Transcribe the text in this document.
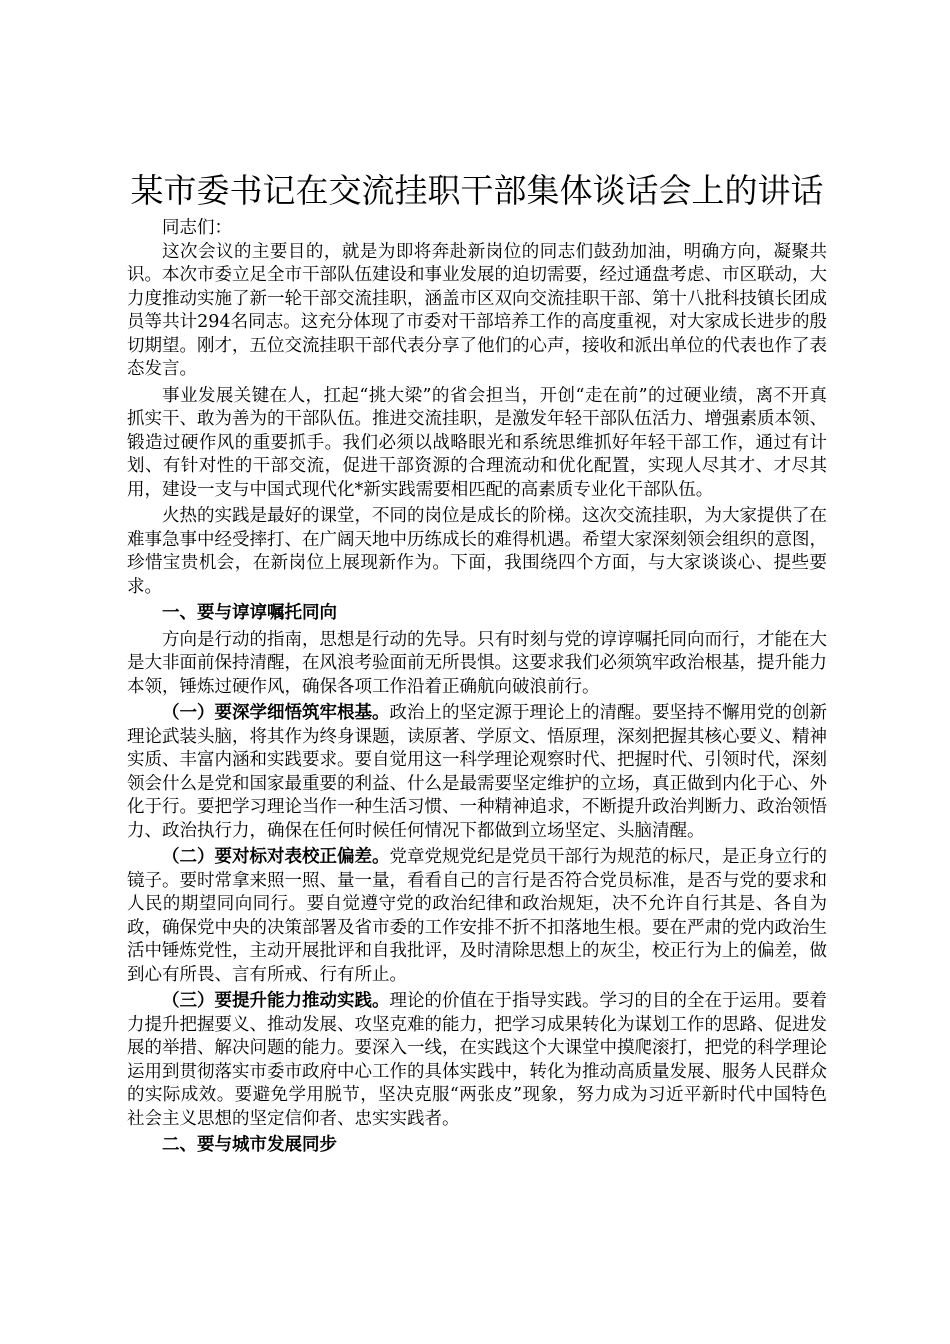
某市委书记在交流挂职干部集体谈话会上的讲话
同志们：

这次会议的主要目的，就是为即将奔赴新岗位的同志们鼓劲加油，明确方向，凝聚共识。本次市委立足全市干部队伍建设和事业发展的迫切需要，经过通盘考虑、市区联动，大力度推动实施了新一轮干部交流挂职，涵盖市区双向交流挂职干部、第十八批科技镇长团成员等共计294名同志。这充分体现了市委对干部培养工作的高度重视，对大家成长进步的殷切期望。刚才，五位交流挂职干部代表分享了他们的心声，接收和派出单位的代表也作了表态发言。

事业发展关键在人，扛起“挑大梁”的省会担当，开创“走在前”的过硬业绩，离不开真抓实干、敢为善为的干部队伍。推进交流挂职，是激发年轻干部队伍活力、增强素质本领、锻造过硬作风的重要抓手。我们必须以战略眼光和系统思维抓好年轻干部工作，通过有计划、有针对性的干部交流，促进干部资源的合理流动和优化配置，实现人尽其才、才尽其用，建设一支与中国式现代化*新实践需要相匹配的高素质专业化干部队伍。

火热的实践是最好的课堂，不同的岗位是成长的阶梯。这次交流挂职，为大家提供了在难事急事中经受摔打、在广阔天地中历练成长的难得机遇。希望大家深刻领会组织的意图，珍惜宝贵机会，在新岗位上展现新作为。下面，我围绕四个方面，与大家谈谈心、提些要求。

一、要与谆谆嘱托同向

方向是行动的指南，思想是行动的先导。只有时刻与党的谆谆嘱托同向而行，才能在大是大非面前保持清醒，在风浪考验面前无所畏惧。这要求我们必须筑牢政治根基，提升能力本领，锤炼过硬作风，确保各项工作沿着正确航向破浪前行。

（一）要深学细悟筑牢根基。政治上的坚定源于理论上的清醒。要坚持不懈用党的创新理论武装头脑，将其作为终身课题，读原著、学原文、悟原理，深刻把握其核心要义、精神实质、丰富内涵和实践要求。要自觉用这一科学理论观察时代、把握时代、引领时代，深刻领会什么是党和国家最重要的利益、什么是最需要坚定维护的立场，真正做到内化于心、外化于行。要把学习理论当作一种生活习惯、一种精神追求，不断提升政治判断力、政治领悟力、政治执行力，确保在任何时候任何情况下都做到立场坚定、头脑清醒。

（二）要对标对表校正偏差。党章党规党纪是党员干部行为规范的标尺，是正身立行的镜子。要时常拿来照一照、量一量，看看自己的言行是否符合党员标准，是否与党的要求和人民的期望同向同行。要自觉遵守党的政治纪律和政治规矩，决不允许自行其是、各自为政，确保党中央的决策部署及省市委的工作安排不折不扣落地生根。要在严肃的党内政治生活中锤炼党性，主动开展批评和自我批评，及时清除思想上的灰尘，校正行为上的偏差，做到心有所畏、言有所戒、行有所止。

（三）要提升能力推动实践。理论的价值在于指导实践。学习的目的全在于运用。要着力提升把握要义、推动发展、攻坚克难的能力，把学习成果转化为谋划工作的思路、促进发展的举措、解决问题的能力。要深入一线，在实践这个大课堂中摸爬滚打，把党的科学理论运用到贯彻落实市委市政府中心工作的具体实践中，转化为推动高质量发展、服务人民群众的实际成效。要避免学用脱节，坚决克服“两张皮”现象，努力成为习近平新时代中国特色社会主义思想的坚定信仰者、忠实实践者。

二、要与城市发展同步
